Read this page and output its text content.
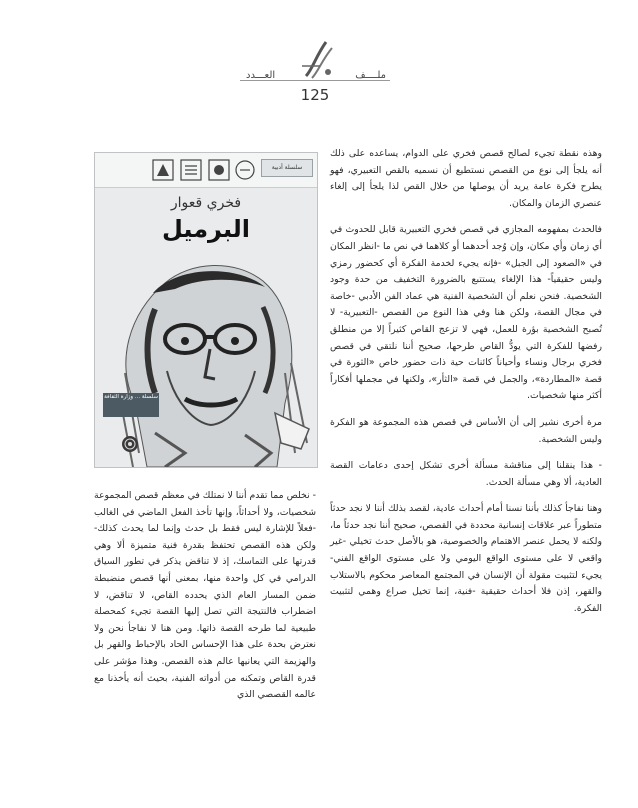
ملــــف
العـــدد
125

وهذه نقطة تجيء لصالح قصص فخري على الدوام، يساعده على ذلك أنه يلجأ إلى نوع من القصص نستطيع أن نسميه بالقص التعبيري، فهو يطرح فكرة عامة يريد أن يوصلها من خلال القص لذا يلجأ إلى إلغاء عنصري الزمان والمكان.

فالحدث بمفهومه المجازي في قصص فخري التعبيرية قابل للحدوث في أي زمان وأي مكان، وإن وُجد أحدهما أو كلاهما في نص ما -انظر المكان في «الصعود إلى الجبل» -فإنه يجيء لخدمة الفكرة أي كحضور رمزي وليس حقيقياً- هذا الإلغاء يستتبع بالضرورة التخفيف من حدة وجود الشخصية. فنحن نعلم أن الشخصية الفنية هي عماد الفن الأدبي -خاصة في مجال القصة، ولكن هنا وفي هذا النوع من القصص -التعبيرية- لا تُصبح الشخصية بؤرة للعمل، فهي لا تزعج القاص كثيراً إلا من منطلق رفضها للفكرة التي يودُّ القاص طرحها، صحيح أننا نلتقي في قصص فخري برجال ونساء وأحياناً كائنات حية ذات حضور خاص «الثورة في قصة «المطاردة»، والجمل في قصة «الثأر»، ولكنها في مجملها أفكاراً أكثر منها شخصيات.

مرة أخرى نشير إلى أن الأساس في قصص هذه المجموعة هو الفكرة وليس الشخصية.

- هذا ينقلنا إلى مناقشة مسألة أخرى تشكل إحدى دعامات القصة العادية، ألا وهي مسألة الحدث.

وهنا نفاجأ كذلك بأننا نسنا أمام أحداث عادية، لقصد بذلك أننا لا نجد حدثاً متطوراً عبر علاقات إنسانية محددة في القصص، صحيح أننا نجد حدثاً ما، ولكنه لا يحمل عنصر الاهتمام والخصوصية، هو بالأصل حدث تخيلي -غير واقعي لا على مستوى الواقع اليومي ولا على مستوى الواقع الفني- يجيء لتثبيت مقولة أن الإنسان في المجتمع المعاصر محكوم بالاستلاب والقهر، إذن فلا أحداث حقيقية -فنية، إنما تخيل صراع وهمي لتثبيت الفكرة.

سلسلة أدبية
فخري قعوار
البرميل
سلسلة ... وزارة الثقافة

- نخلص مما تقدم أننا لا نمتلك في معظم قصص المجموعة شخصيات، ولا أحداثاً، وإنها تأخذ الفعل الماضي في الغالب -فعلاً للإشارة ليس فقط بل حدث وإنما لما يحدث كذلك- ولكن هذه القصص تحتفظ بقدرة فنية متميزة ألا وهي قدرتها على التماسك، إذ لا تناقض يذكر في تطور السياق الدرامي في كل واحدة منها، بمعنى أنها قصص منضبطة ضمن المسار العام الذي يحدده القاص، لا تناقض، لا اضطراب فالنتيجة التي تصل إليها القصة تجيء كمحصلة طبيعية لما طرحه القصة ذاتها. ومن هنا لا نفاجأ نحن ولا نعترض بحدة على هذا الإحساس الحاد بالإحباط والقهر بل والهزيمة التي يعانيها عالم هذه القصص. وهذا مؤشر على قدرة القاص وتمكنه من أدواته الفنية، بحيث أنه يأخذنا مع عالمه القصصي الذي
